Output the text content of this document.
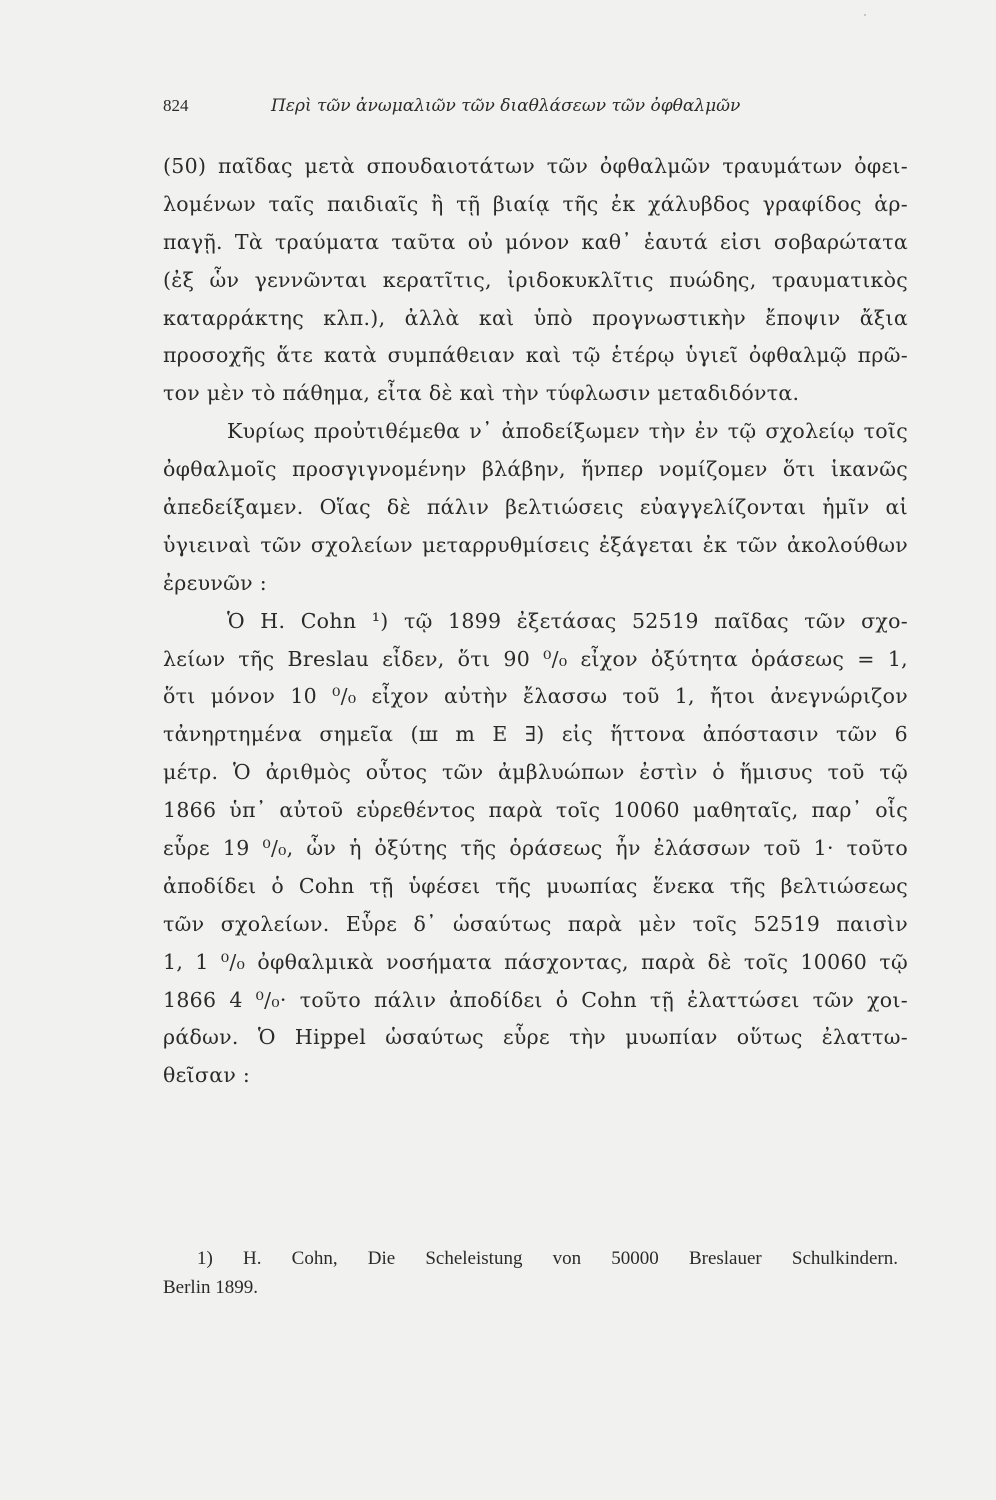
824	Περὶ τῶν ἀνωμαλιῶν τῶν διαθλάσεων τῶν ὀφθαλμῶν
(50) παῖδας μετὰ σπουδαιοτάτων τῶν ὀφθαλμῶν τραυμάτων ὀφει-
λομένων ταῖς παιδιαῖς ἢ τῇ βιαίᾳ τῆς ἐκ χάλυβδος γραφίδος ἁρ-
παγῇ. Τὰ τραύματα ταῦτα οὐ μόνον καθ᾽ ἑαυτά εἰσι σοβαρώτατα
(ἐξ ὧν γεννῶνται κερατῖτις, ἰριδοκυκλῖτις πυώδης, τραυματικὸς
καταρράκτης κλπ.), ἀλλὰ καὶ ὑπὸ προγνωστικὴν ἔποψιν ἄξια
προσοχῆς ἅτε κατὰ συμπάθειαν καὶ τῷ ἑτέρῳ ὑγιεῖ ὀφθαλμῷ πρῶ-
τον μὲν τὸ πάθημα, εἶτα δὲ καὶ τὴν τύφλωσιν μεταδιδόντα.
Κυρίως προὐτιθέμεθα ν᾽ ἀποδείξωμεν τὴν ἐν τῷ σχολείῳ τοῖς
ὀφθαλμοῖς προσγιγνομένην βλάβην, ἥνπερ νομίζομεν ὅτι ἱκανῶς
ἀπεδείξαμεν. Οἵας δὲ πάλιν βελτιώσεις εὐαγγελίζονται ἡμῖν αἱ
ὑγιειναὶ τῶν σχολείων μεταρρυθμίσεις ἐξάγεται ἐκ τῶν ἀκολούθων
ἐρευνῶν :
Ὁ H. Cohn ¹) τῷ 1899 ἐξετάσας 52519 παῖδας τῶν σχο-
λείων τῆς Breslau εἶδεν, ὅτι 90 ⁰/₀ εἶχον ὀξύτητα ὁράσεως = 1,
ὅτι μόνον 10 ⁰/₀ εἶχον αὐτὴν ἔλασσω τοῦ 1, ἤτοι ἀνεγνώριζον
τἀνηρτημένα σημεῖα (ш m E ∃) εἰς ἥττονα ἀπόστασιν τῶν 6
μέτρ. Ὁ ἀριθμὸς οὗτος τῶν ἀμβλυώπων ἐστὶν ὁ ἥμισυς τοῦ τῷ
1866 ὑπ᾽ αὐτοῦ εὑρεθέντος παρὰ τοῖς 10060 μαθηταῖς, παρ᾽ οἷς
εὗρε 19 ⁰/₀, ὧν ἡ ὀξύτης τῆς ὁράσεως ἦν ἐλάσσων τοῦ 1· τοῦτο
ἀποδίδει ὁ Cohn τῇ ὑφέσει τῆς μυωπίας ἕνεκα τῆς βελτιώσεως
τῶν σχολείων. Εὗρε δ᾽ ὡσαύτως παρὰ μὲν τοῖς 52519 παισὶν
1, 1 ⁰/₀ ὀφθαλμικὰ νοσήματα πάσχοντας, παρὰ δὲ τοῖς 10060 τῷ
1866 4 ⁰/₀· τοῦτο πάλιν ἀποδίδει ὁ Cohn τῇ ἐλαττώσει τῶν χοι-
ράδων. Ὁ Hippel ὡσαύτως εὗρε τὴν μυωπίαν οὕτως ἐλαττω-
θεῖσαν :
1) H. Cohn, Die Scheleistung von 50000 Breslauer Schulkindern.
Berlin 1899.
